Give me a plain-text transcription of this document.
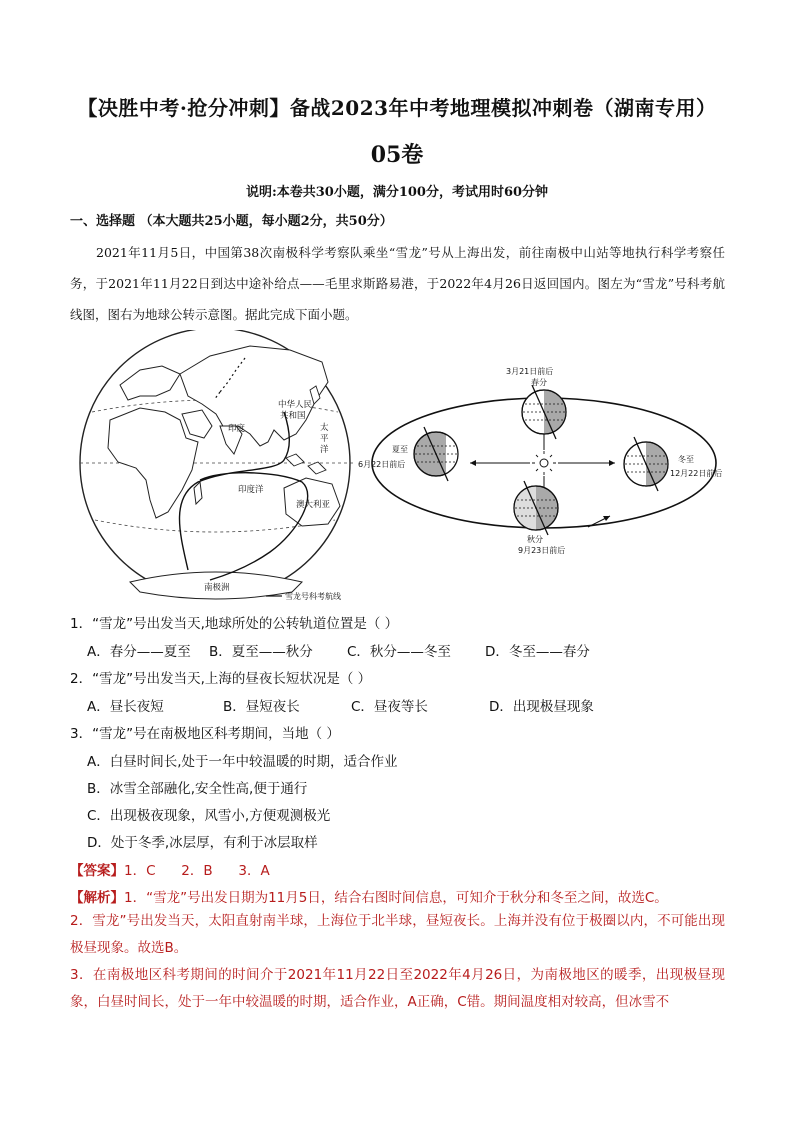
【决胜中考·抢分冲刺】备战2023年中考地理模拟冲刺卷（湖南专用）
05卷
说明:本卷共30小题，满分100分，考试用时60分钟
一、选择题 （本大题共25小题，每小题2分，共50分）
2021年11月5日，中国第38次南极科学考察队乘坐“雪龙”号从上海出发，前往南极中山站等地执行科学考察任务，于2021年11月22日到达中途补给点——毛里求斯路易港，于2022年4月26日返回国内。图左为“雪龙”号科考航线图，图右为地球公转示意图。据此完成下面小题。
中华人民
共和国
印度	太
平
洋
印度洋
澳大利亚
南极洲
雪龙号科考航线
3月21日前后
春分
夏至
6月22日前后
冬至
12月22日前后
秋分
9月23日前后
1．“雪龙”号出发当天,地球所处的公转轨道位置是（ ）
A．春分——夏至 B．夏至——秋分	C．秋分——冬至	D．冬至——春分
2．“雪龙”号出发当天,上海的昼夜长短状况是（ ）
A．昼长夜短	B．昼短夜长	C．昼夜等长	D．出现极昼现象
3．“雪龙”号在南极地区科考期间，当地（ ）
A．白昼时间长,处于一年中较温暖的时期，适合作业
B．冰雪全部融化,安全性高,便于通行
C．出现极夜现象，风雪小,方便观测极光
D．处于冬季,冰层厚，有利于冰层取样
【答案】1．C      2．B      3．A
【解析】1．“雪龙”号出发日期为11月5日，结合右图时间信息，可知介于秋分和冬至之间，故选C。
2．雪龙”号出发当天，太阳直射南半球，上海位于北半球，昼短夜长。上海并没有位于极圈以内，不可能出现极昼现象。故选B。
3．在南极地区科考期间的时间介于2021年11月22日至2022年4月26日，为南极地区的暖季，出现极昼现象，白昼时间长，处于一年中较温暖的时期，适合作业，A正确，C错。期间温度相对较高，但冰雪不
